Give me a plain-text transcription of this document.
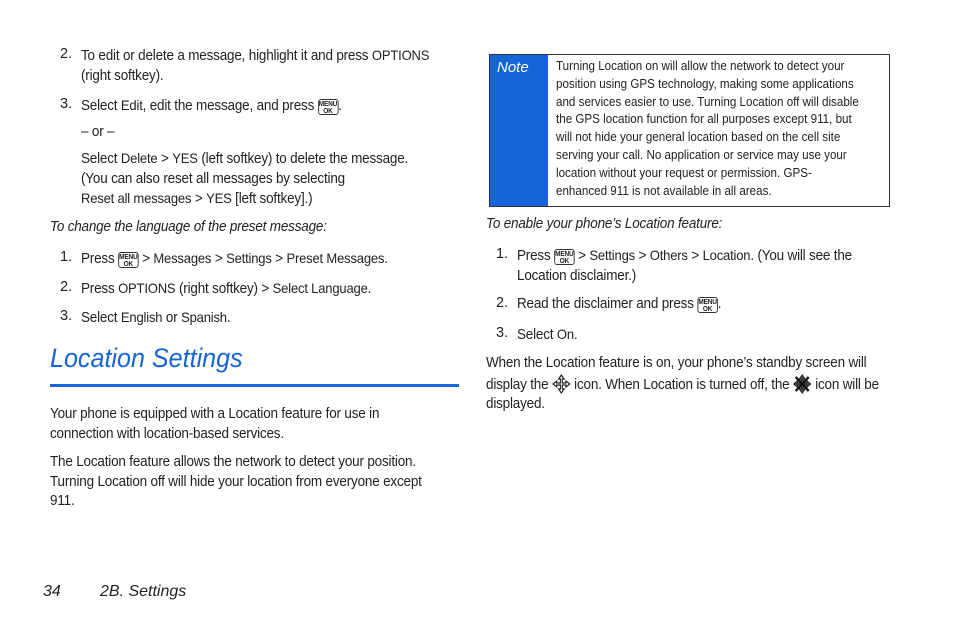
2. To edit or delete a message, highlight it and press OPTIONS
(right softkey).
3. Select Edit, edit the message, and press MENU
OK .
– or –
Select Delete > YES (left softkey) to delete the message.
(You can also reset all messages by selecting
Reset all messages > YES [left softkey].)
To change the language of the preset message:
1. Press MENU
OK > Messages > Settings > Preset Messages.
2. Press OPTIONS (right softkey) > Select Language.
3. Select English or Spanish.
Location Settings
Your phone is equipped with a Location feature for use in connection with location-based services.
The Location feature allows the network to detect your position. Turning Location off will hide your location from everyone except 911.
Note	Turning Location on will allow the network to detect your position using GPS technology, making some applications and services easier to use. Turning Location off will disable the GPS location function for all purposes except 911, but will not hide your general location based on the cell site serving your call. No application or service may use your location without your request or permission. GPS-enhanced 911 is not available in all areas.
To enable your phone’s Location feature:
1. Press MENU
OK > Settings > Others > Location. (You will see the Location disclaimer.)
2. Read the disclaimer and press MENU
OK .
3. Select On.
When the Location feature is on, your phone’s standby screen will display the  icon. When Location is turned off, the  icon will be displayed.
34 2B. Settings
